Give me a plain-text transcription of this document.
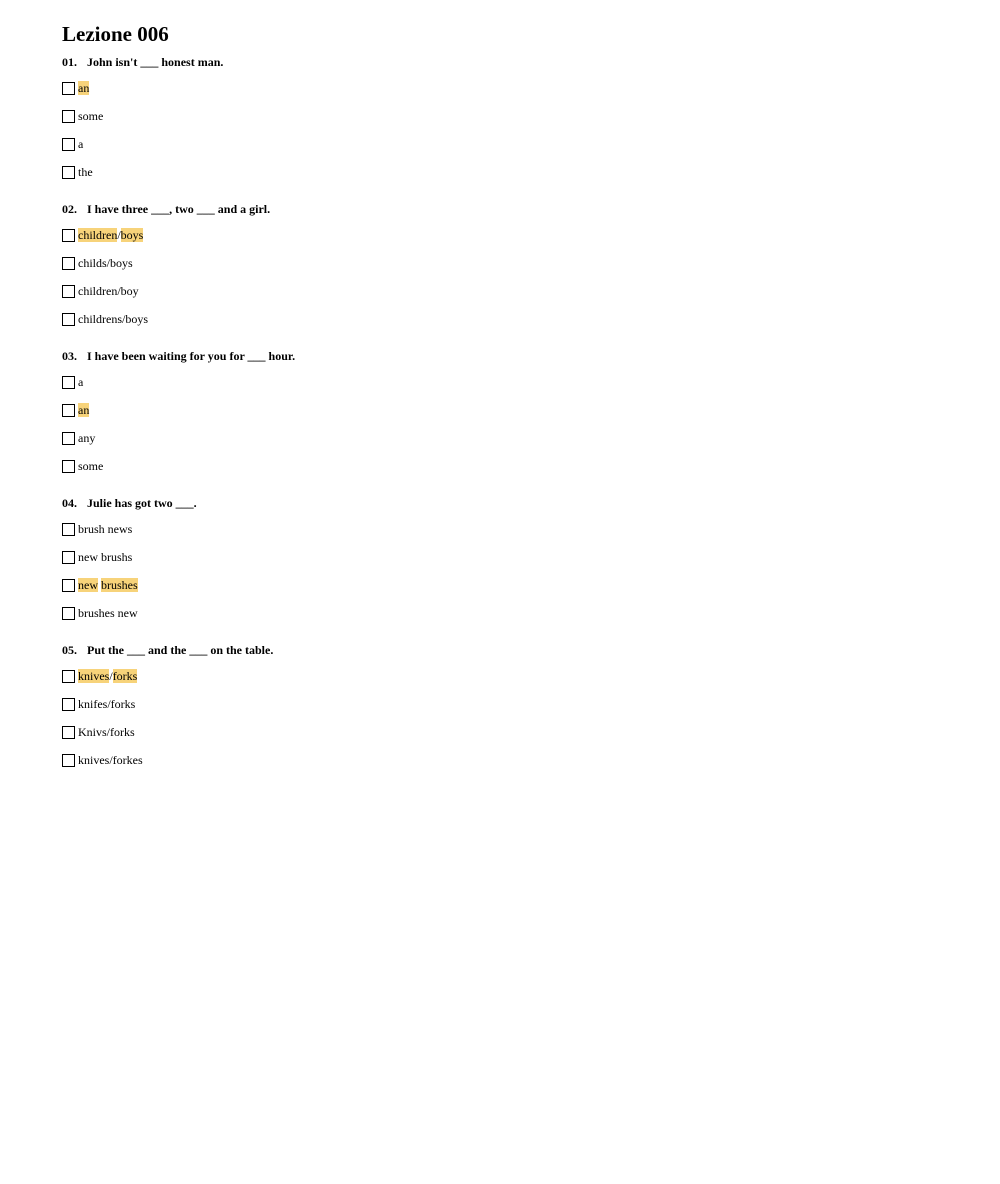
Lezione 006
01. John isn't ___ honest man.
an
some
a
the
02. I have three ___, two ___ and a girl.
children/boys
childs/boys
children/boy
childrens/boys
03. I have been waiting for you for ___ hour.
a
an
any
some
04. Julie has got two ___.
brush news
new brushs
new brushes
brushes new
05. Put the ___ and the ___ on the table.
knives/forks
knifes/forks
Knivs/forks
knives/forkes
